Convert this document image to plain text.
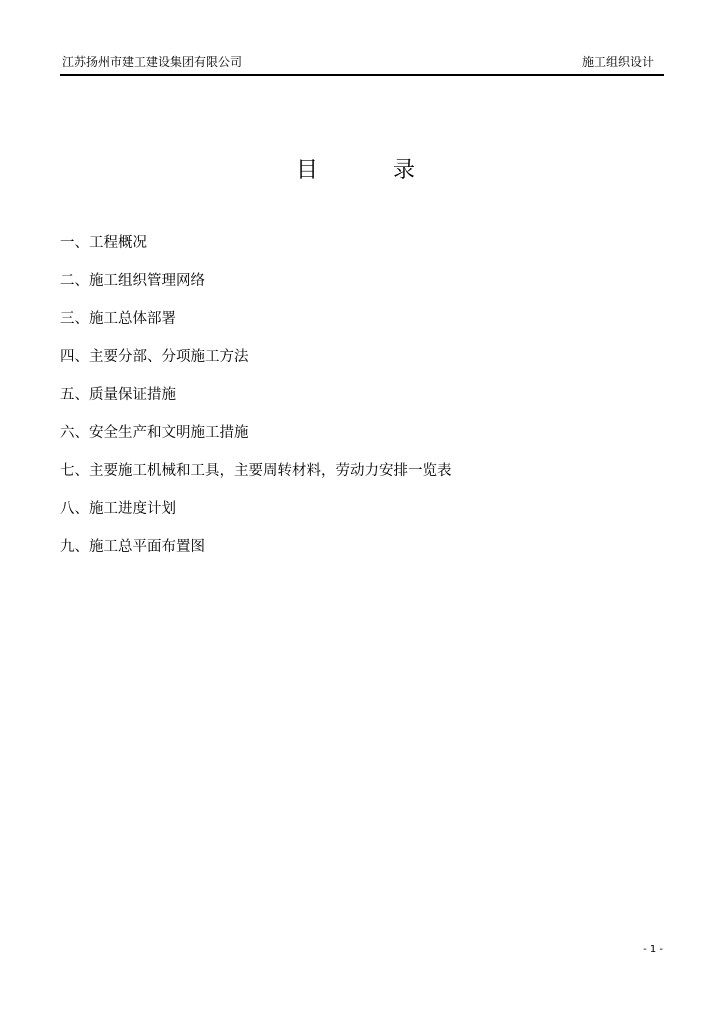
江苏扬州市建工建设集团有限公司	施工组织设计
目	录
一、工程概况
二、施工组织管理网络
三、施工总体部署
四、主要分部、分项施工方法
五、质量保证措施
六、安全生产和文明施工措施
七、主要施工机械和工具，主要周转材料，劳动力安排一览表
八、施工进度计划
九、施工总平面布置图
- 1 -
